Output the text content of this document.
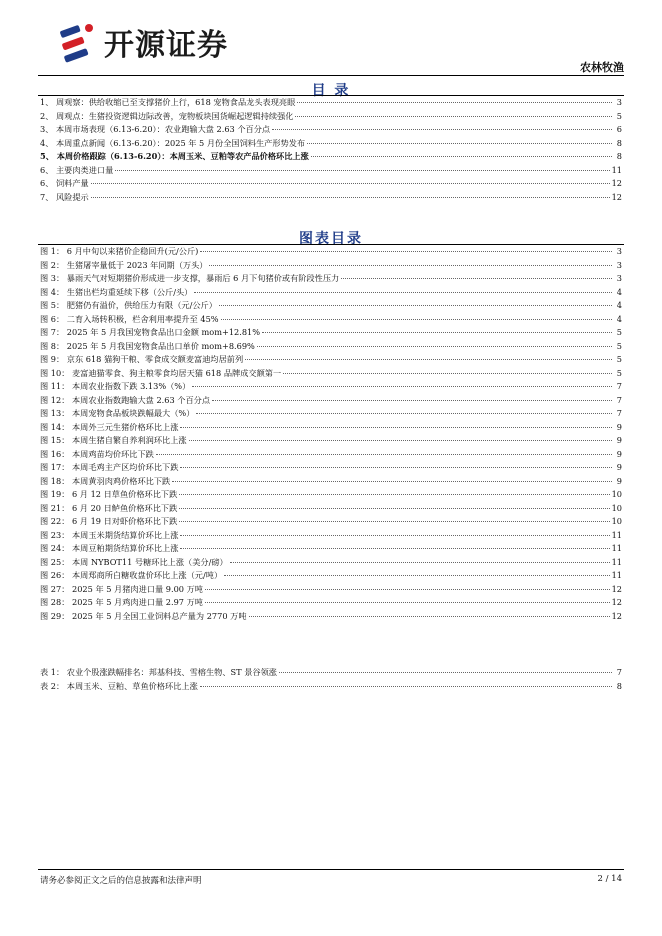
开源证券
农林牧渔
目 录
1、 周观察：供给收缩已至支撑猪价上行，618 宠物食品龙头表现亮眼	3
2、 周观点：生猪投资逻辑边际改善，宠物板块国货崛起逻辑持续强化	5
3、 本周市场表现（6.13-6.20）：农业跑输大盘 2.63 个百分点	6
4、 本周重点新闻（6.13-6.20）：2025 年 5 月份全国饲料生产形势发布	8
5、 本周价格跟踪（6.13-6.20）：本周玉米、豆粕等农产品价格环比上涨	8
6、 主要肉类进口量	11
6、 饲料产量	12
7、 风险提示	12
图表目录
图 1： 6 月中旬以来猪价企稳回升(元/公斤)	3
图 2： 生猪屠宰量低于 2023 年同期（万头）	3
图 3： 暴雨天气对短期猪价形成进一步支撑，暴雨后 6 月下旬猪价或有阶段性压力	3
图 4： 生猪出栏均重延续下移（公斤/头）	4
图 5： 肥猪仍有溢价，供给压力有限（元/公斤）	4
图 6： 二育入场转积极，栏舍利用率提升至 45%	4
图 7： 2025 年 5 月我国宠物食品出口金额 mom+12.81%	5
图 8： 2025 年 5 月我国宠物食品出口单价 mom+8.69%	5
图 9： 京东 618 猫狗干粮、零食成交额麦富迪均居前列	5
图 10： 麦富迪猫零食、狗主粮零食均居天猫 618 品牌成交额第一	5
图 11： 本周农业指数下跌 3.13%（%）	7
图 12： 本周农业指数跑输大盘 2.63 个百分点	7
图 13： 本周宠物食品板块跌幅最大（%）	7
图 14： 本周外三元生猪价格环比上涨	9
图 15： 本周生猪自繁自养利润环比上涨	9
图 16： 本周鸡苗均价环比下跌	9
图 17： 本周毛鸡主产区均价环比下跌	9
图 18： 本周黄羽肉鸡价格环比下跌	9
图 19： 6 月 12 日草鱼价格环比下跌	10
图 21： 6 月 20 日鲈鱼价格环比下跌	10
图 22： 6 月 19 日对虾价格环比下跌	10
图 23： 本周玉米期货结算价环比上涨	11
图 24： 本周豆粕期货结算价环比上涨	11
图 25： 本周 NYBOT11 号糖环比上涨（美分/磅）	11
图 26： 本周郑商所白糖收盘价环比上涨（元/吨）	11
图 27： 2025 年 5 月猪肉进口量 9.00 万吨	12
图 28： 2025 年 5 月鸡肉进口量 2.97 万吨	12
图 29： 2025 年 5 月全国工业饲料总产量为 2770 万吨	12
表 1： 农业个股涨跌幅排名：邦基科技、雪榕生物、ST 景谷领涨	7
表 2： 本周玉米、豆粕、草鱼价格环比上涨	8
请务必参阅正文之后的信息披露和法律声明	2 / 14
